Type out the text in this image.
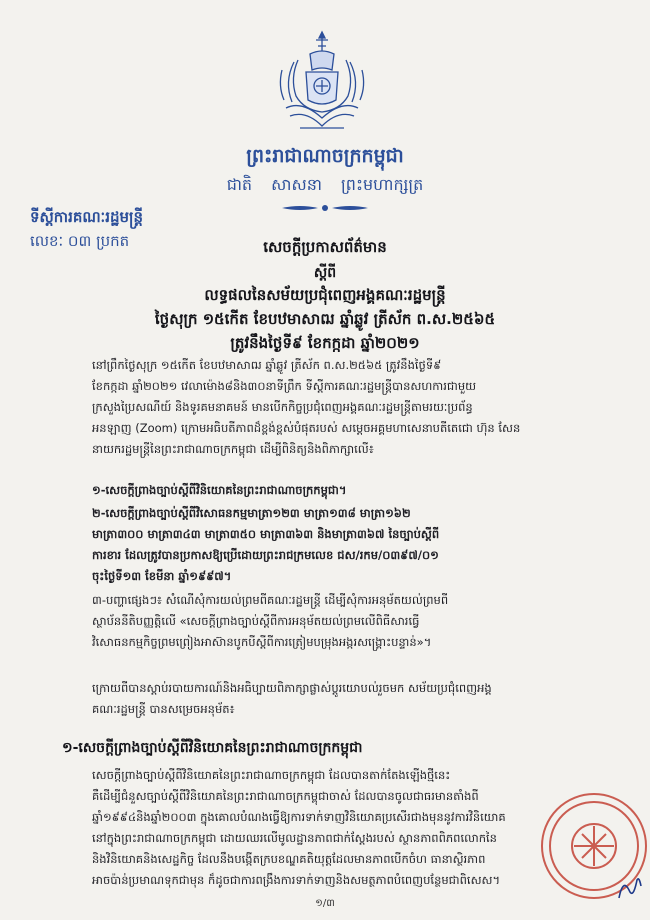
ព្រះរាជាណាចក្រកម្ពុជា
ជាតិ សាសនា ព្រះមហាក្សត្រ
ទីស្ដីការគណៈរដ្ឋមន្ត្រី
លេខៈ ០៣ ប្រកត	សេចក្ដីប្រកាសព័ត៌មាន
ស្ដីពី
លទ្ធផលនៃសម័យប្រជុំពេញអង្គគណៈរដ្ឋមន្ត្រី
ថ្ងៃសុក្រ ១៥កើត ខែបឋមាសាឍ ឆ្នាំឆ្លូវ ត្រីស័ក ព.ស.២៥៦៥
ត្រូវនឹងថ្ងៃទី៩ ខែកក្កដា ឆ្នាំ២០២១
នៅព្រឹកថ្ងៃសុក្រ ១៥កើត ខែបឋមាសាឍ ឆ្នាំឆ្លូវ ត្រីស័ក ព.ស.២៥៦៥ ត្រូវនឹងថ្ងៃទី៩
ខែកក្កដា ឆ្នាំ២០២១ វេលាម៉ោង៨និង៣០នាទីព្រឹក ទីស្ដីការគណៈរដ្ឋមន្ត្រីបានសហការជាមួយ
ក្រសួងប្រៃសណីយ៍ និងទូរគមនាគមន៍ មានបើកកិច្ចប្រជុំពេញអង្គគណៈរដ្ឋមន្ត្រីតាមរយៈប្រព័ន្ធ
អនឡាញ (Zoom) ក្រោមអធិបតីភាពដ៏ខ្ពង់ខ្ពស់បំផុតរបស់ សម្ដេចអគ្គមហាសេនាបតីតេជោ ហ៊ុន សែន
នាយករដ្ឋមន្ត្រីនៃព្រះរាជាណាចក្រកម្ពុជា ដើម្បីពិនិត្យនិងពិភាក្សាលើ៖
១-សេចក្ដីព្រាងច្បាប់ស្ដីពីវិនិយោគនៃព្រះរាជាណាចក្រកម្ពុជា។
២-សេចក្ដីព្រាងច្បាប់ស្ដីពីវិសោធនកម្មមាត្រា១២៣ មាត្រា១៣៨ មាត្រា១៦២
មាត្រា៣០០ មាត្រា៣៤៣ មាត្រា៣៥០ មាត្រា៣៦៣ និងមាត្រា៣៦៧ នៃច្បាប់ស្ដីពី
ការខារ ដែលត្រូវបានប្រកាសឱ្យប្រើដោយព្រះរាជក្រមលេខ ជស/រកម/០៣៩៧/០១
ចុះថ្ងៃទី១៣ ខែមីនា ឆ្នាំ១៩៩៧។
៣-បញ្ហាផ្សេងៗ៖ សំណើសុំការយល់ព្រមពីគណៈរដ្ឋមន្ត្រី ដើម្បីសុំការអនុម័តយល់ព្រមពី
ស្ថាប័ននីតិបញ្ញត្តិលើ «សេចក្ដីព្រាងច្បាប់ស្ដីពីការអនុម័តយល់ព្រមលើពិធីសារធ្វើ
វិសោធនកម្មកិច្ចព្រមព្រៀងអាស៊ានបូកបីស្ដីពីការត្រៀមបម្រុងអង្ករសង្គ្រោះបន្ទាន់»។
ក្រោយពីបានស្ដាប់របាយការណ៍និងអធិប្បាយពិភាក្សាផ្លាស់ប្ដូរយោបល់រួចមក សម័យប្រជុំពេញអង្គ
គណៈរដ្ឋមន្ត្រី បានសម្រេចអនុម័ត៖
១-សេចក្ដីព្រាងច្បាប់ស្ដីពីវិនិយោគនៃព្រះរាជាណាចក្រកម្ពុជា
សេចក្ដីព្រាងច្បាប់ស្ដីពីវិនិយោគនៃព្រះរាជាណាចក្រកម្ពុជា ដែលបានតាក់តែងឡើងថ្មីនេះ
គឺដើម្បីជំនួសច្បាប់ស្ដីពីវិនិយោគនៃព្រះរាជាណាចក្រកម្ពុជាចាស់ ដែលបានចូលជាធរមានតាំងពី
ឆ្នាំ១៩៩៤និងឆ្នាំ២០០៣ ក្នុងគោលបំណងធ្វើឱ្យការទាក់ទាញវិនិយោគប្រសើរជាងមុននូវការវិនិយោគ
នៅក្នុងព្រះរាជាណាចក្រកម្ពុជា ដោយឈរលើមូលដ្ឋានភាពជាក់ស្ដែងរបស់ ស្ថានភាពពិភពលោកនៃ
និងវិនិយោគនិងសេដ្ឋកិច្ច ដែលនឹងបង្កើតក្របខណ្ឌគតិយុត្តដែលមានភាពបើកចំហ ធានាស្ថិរភាព
អាចប៉ាន់ប្រមាណទុកជាមុន ក៏ដូចជាការពង្រឹងការទាក់ទាញនិងសមត្ថភាពបំពេញបន្ថែមជាពិសេស។
១/៣
